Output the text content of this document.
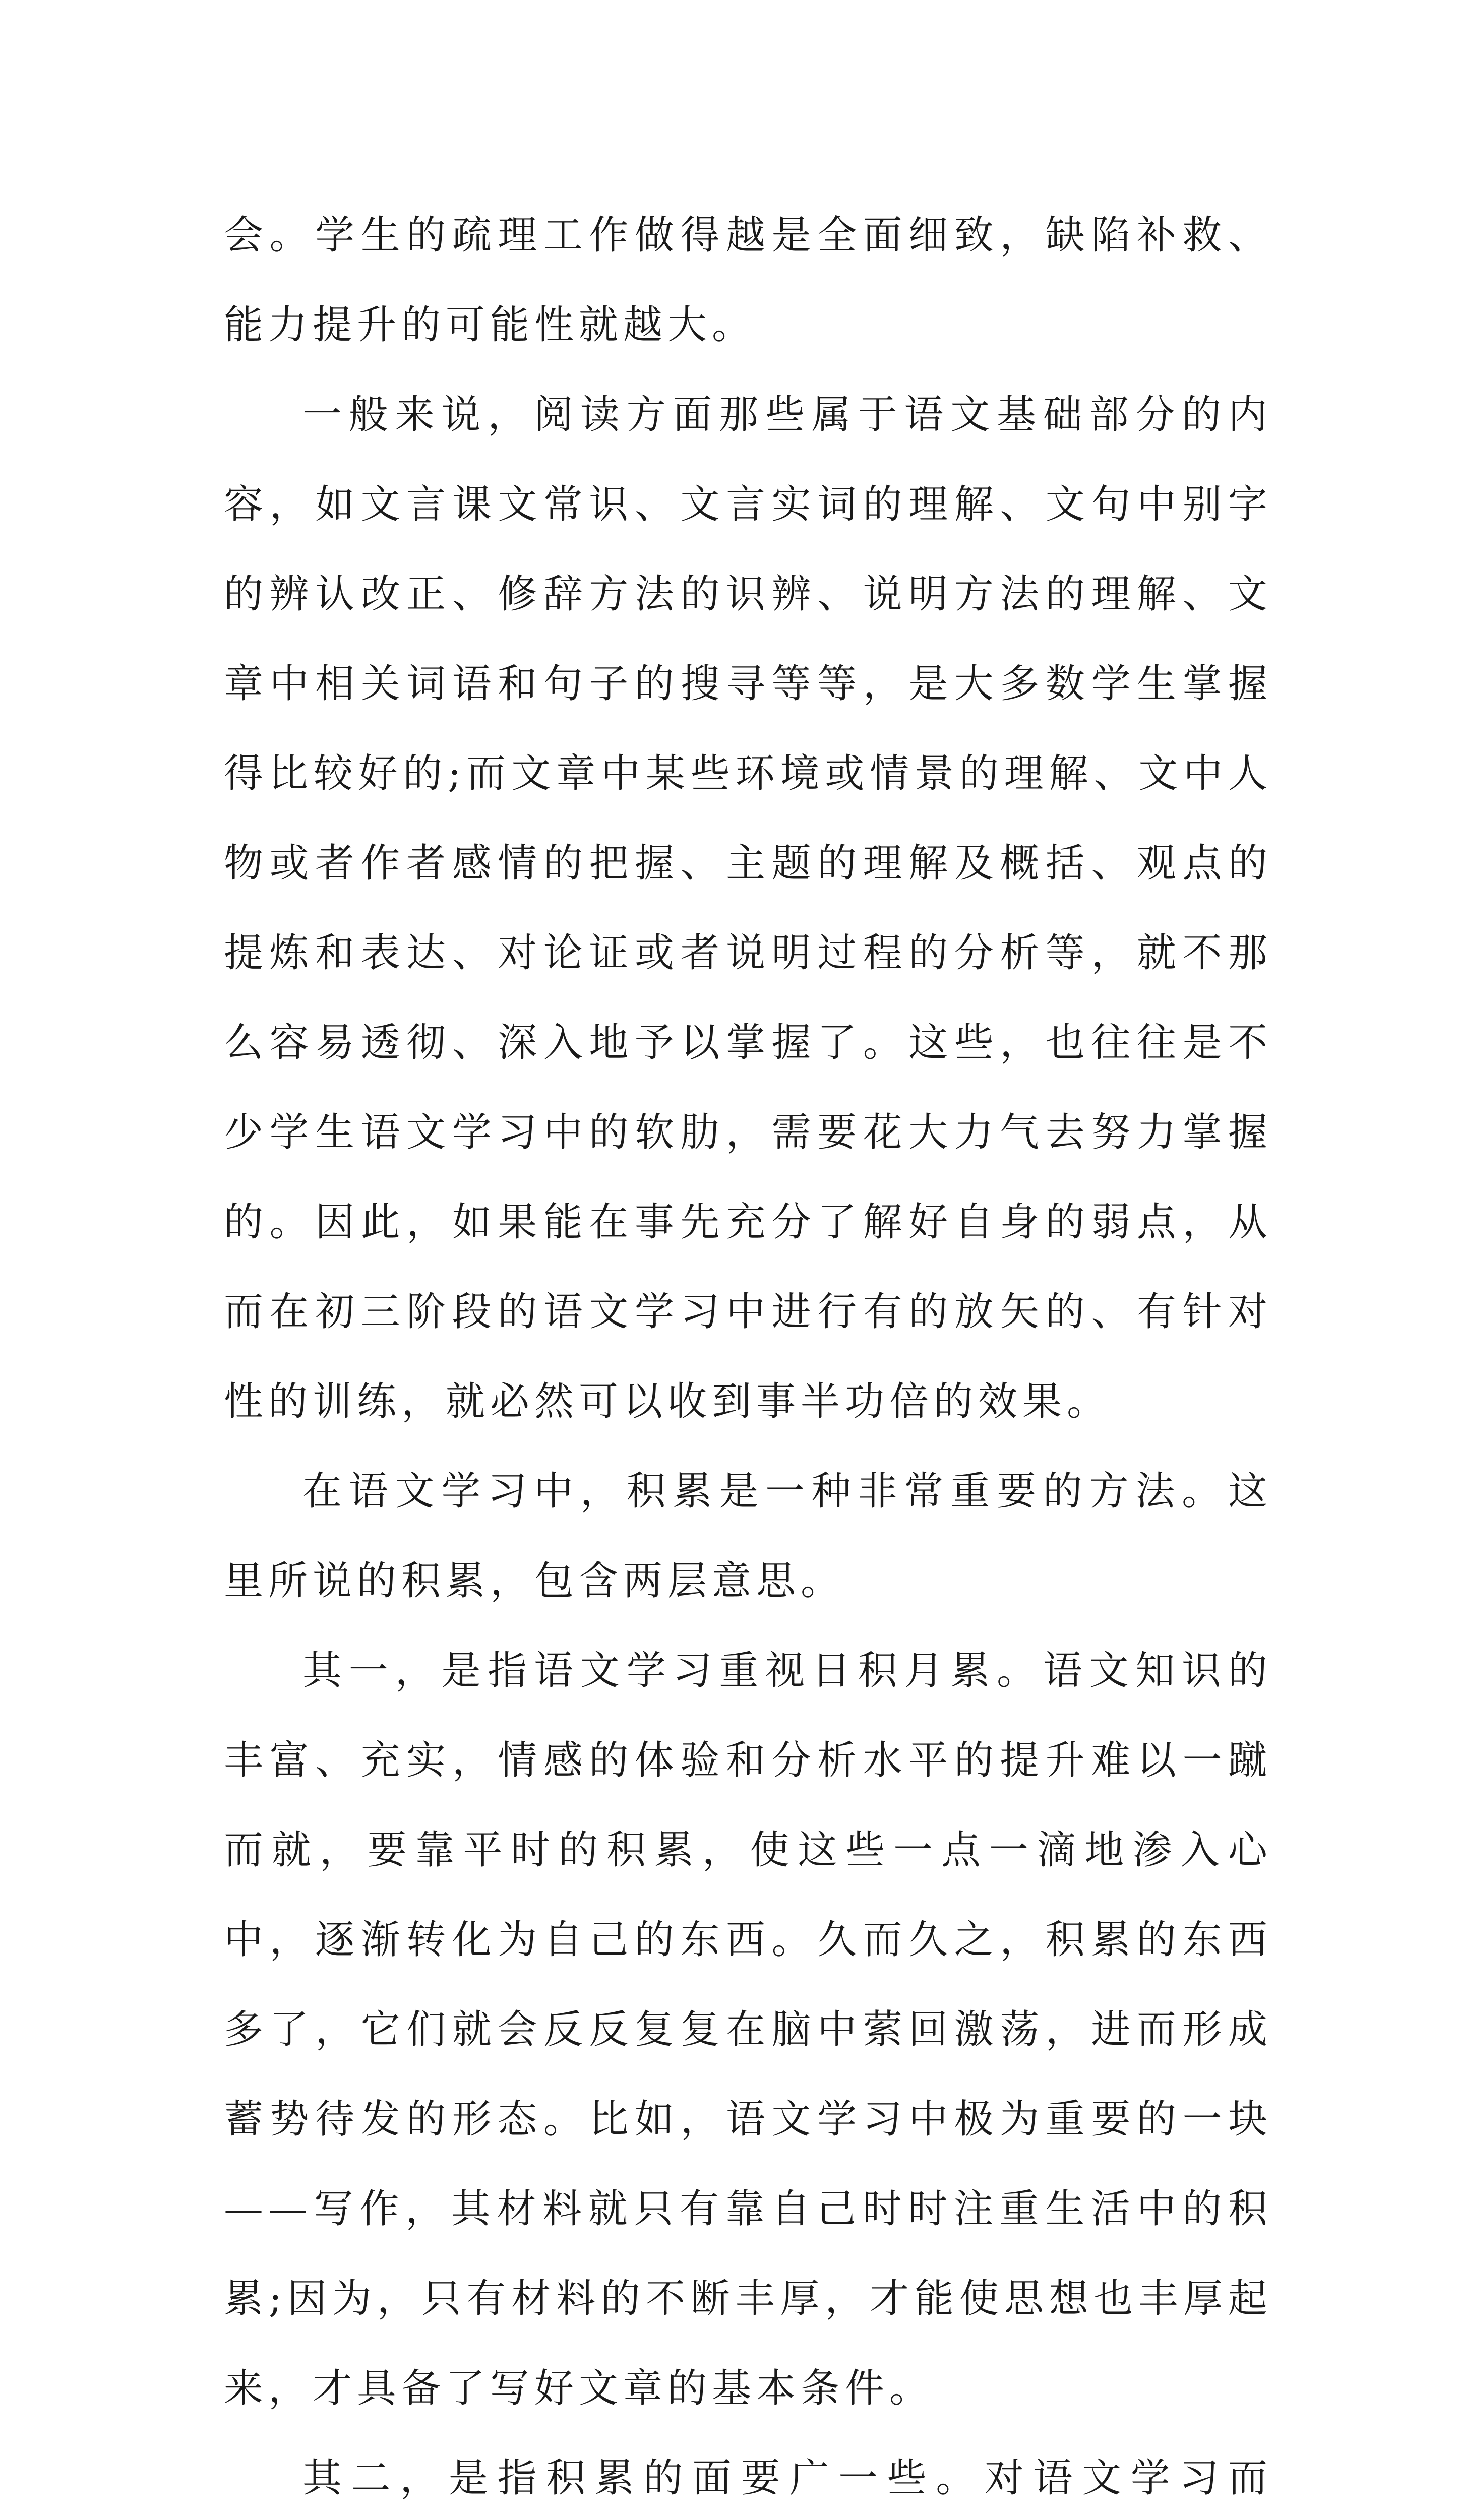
会。学生的疏理工作做得越是全面细致，缺陷补救、能力提升的可能性就越大。

一般来说，阅读方面那些属于语文基础部分的内容，如文言课文常识、文言实词的理解、文句中别字的辨认改正、修辞方法的识辨、说明方法的理解、文章中相关词语和句子的搜寻等等，是大多数学生掌握得比较好的;而文章中某些环境或情景的理解、文中人物或者作者感情的把握、主题的理解及概括、观点的提炼和表达、对论证或者说明过程的分析等，就不那么容易透彻、深入地予以掌握了。这些，也往往是不少学生语文学习中的软肋，需要花大力气去努力掌握的。因此，如果能在事先充分了解好自身的弱点，从而在初三阶段的语文学习中进行有的放矢的、有针对性的训练，就必然可以收到事半功倍的效果。

在语文学习中，积累是一种非常重要的方法。这里所说的积累，包含两层意思。

其一，是指语文学习重视日积月累。语文知识的丰富、充实，情感的体验和分析水平的提升难以一蹴而就，要靠平时的积累，使这些一点一滴地渗入心中，逐渐转化为自己的东西。久而久之，积累的东西多了，它们就会反反复复在脑中萦回激荡，进而形成蓄势待发的形态。比如，语文学习中极为重要的一块——写作，其材料就只有靠自己时时注重生活中的积累;因为，只有材料的不断丰厚，才能使思想也丰厚起来，才具备了写好文章的基本条件。

其二，是指积累的面要广一些。对语文学习而
